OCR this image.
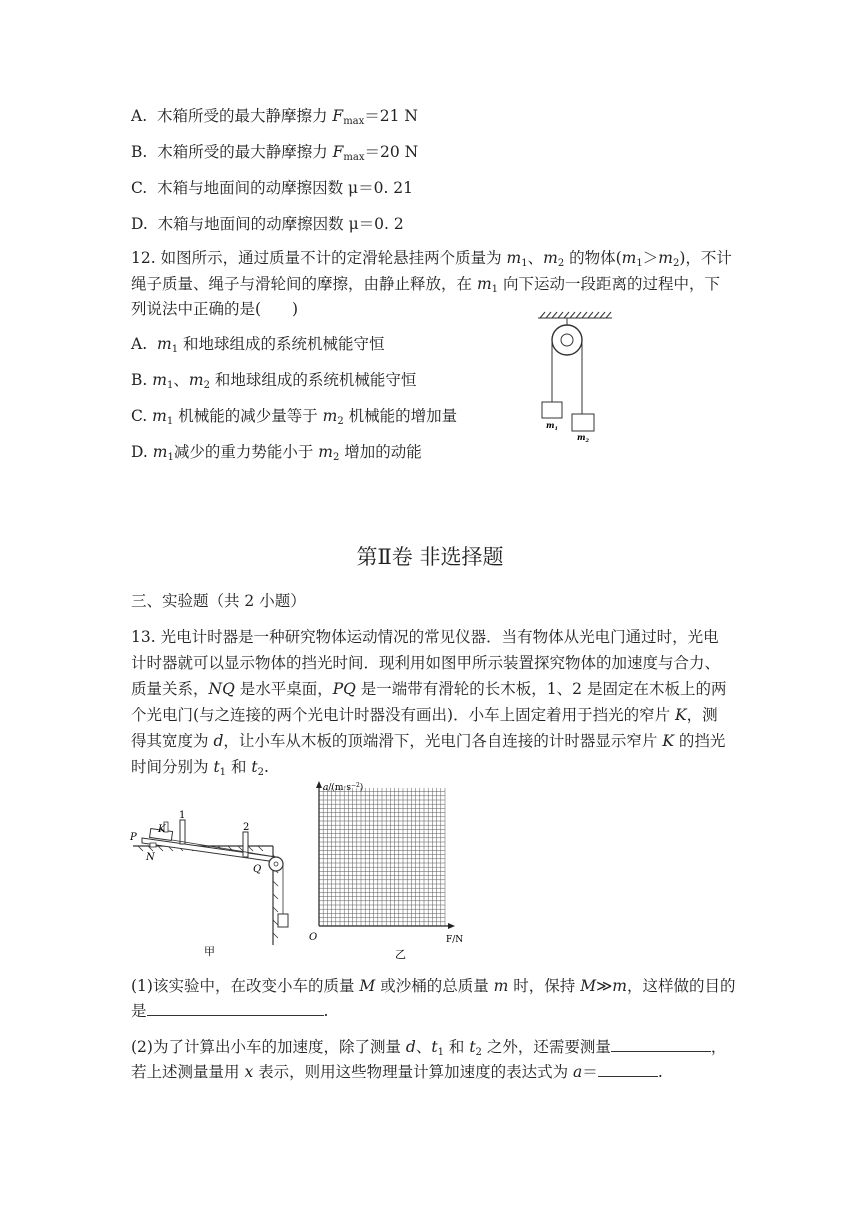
A. 木箱所受的最大静摩擦力 $F_{max}=21$ N
B. 木箱所受的最大静摩擦力 $F_{max}=20$ N
C. 木箱与地面间的动摩擦因数 μ＝0. 21
D. 木箱与地面间的动摩擦因数 μ＝0. 2
12. 如图所示，通过质量不计的定滑轮悬挂两个质量为 $m_1$、$m_2$ 的物体$(m_1>m_2)$，不计
绳子质量、绳子与滑轮间的摩擦，由静止释放，在 $m_1$ 向下运动一段距离的过程中，下
列说法中正确的是(　　)
A. $m_1$ 和地球组成的系统机械能守恒
B. $m_1$、$m_2$ 和地球组成的系统机械能守恒
C. $m_1$ 机械能的减少量等于 $m_2$ 机械能的增加量
D. $m_1$减少的重力势能小于 $m_2$ 增加的动能
$m_1$
$m_2$
第Ⅱ卷 非选择题
三、实验题（共 2 小题）
13. 光电计时器是一种研究物体运动情况的常见仪器．当有物体从光电门通过时，光电
计时器就可以显示物体的挡光时间．现利用如图甲所示装置探究物体的加速度与合力、
质量关系，NQ 是水平桌面，PQ 是一端带有滑轮的长木板，1、2 是固定在木板上的两
个光电门(与之连接的两个光电计时器没有画出)．小车上固定着用于挡光的窄片 K，测
得其宽度为 d，让小车从木板的顶端滑下，光电门各自连接的计时器显示窄片 K 的挡光
时间分别为 $t_1$ 和 $t_2$.
K
1
2
P
N
Q
甲
$a/(m\cdot s^{-2})$
O	F/N
乙
(1)该实验中，在改变小车的质量 M 或沙桶的总质量 m 时，保持 M≫m，这样做的目的
是	.
(2)为了计算出小车的加速度，除了测量 d、$t_1$ 和 $t_2$ 之外，还需要测量	，
若上述测量量用 x 表示，则用这些物理量计算加速度的表达式为 a＝	.
